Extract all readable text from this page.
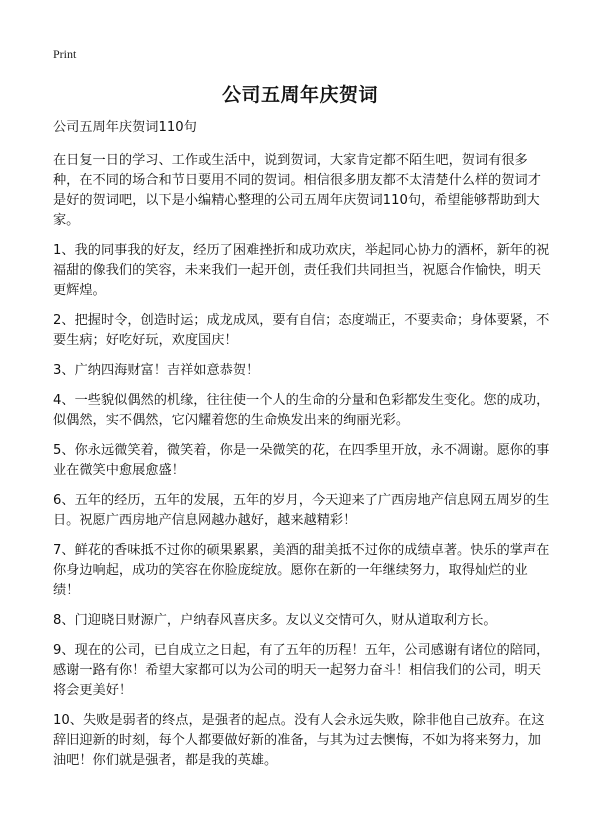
Print
公司五周年庆贺词

公司五周年庆贺词110句

在日复一日的学习、工作或生活中，说到贺词，大家肯定都不陌生吧，贺词有很多种，在不同的场合和节日要用不同的贺词。相信很多朋友都不太清楚什么样的贺词才是好的贺词吧，以下是小编精心整理的公司五周年庆贺词110句，希望能够帮助到大家。

1、我的同事我的好友，经历了困难挫折和成功欢庆，举起同心协力的酒杯，新年的祝福甜的像我们的笑容，未来我们一起开创，责任我们共同担当，祝愿合作愉快，明天更辉煌。

2、把握时令，创造时运；成龙成凤，要有自信；态度端正，不要卖命；身体要紧，不要生病；好吃好玩，欢度国庆！

3、广纳四海财富！吉祥如意恭贺！

4、一些貌似偶然的机缘，往往使一个人的生命的分量和色彩都发生变化。您的成功，似偶然，实不偶然，它闪耀着您的生命焕发出来的绚丽光彩。

5、你永远微笑着，微笑着，你是一朵微笑的花，在四季里开放，永不凋谢。愿你的事业在微笑中愈展愈盛！

6、五年的经历，五年的发展，五年的岁月，今天迎来了广西房地产信息网五周岁的生日。祝愿广西房地产信息网越办越好，越来越精彩！

7、鲜花的香味抵不过你的硕果累累，美酒的甜美抵不过你的成绩卓著。快乐的掌声在你身边响起，成功的笑容在你脸庞绽放。愿你在新的一年继续努力，取得灿烂的业绩！

8、门迎晓日财源广，户纳春风喜庆多。友以义交情可久，财从道取利方长。

9、现在的公司，已自成立之日起，有了五年的历程！五年，公司感谢有诸位的陪同，感谢一路有你！希望大家都可以为公司的明天一起努力奋斗！相信我们的公司，明天将会更美好！

10、失败是弱者的终点，是强者的起点。没有人会永远失败，除非他自己放弃。在这辞旧迎新的时刻，每个人都要做好新的准备，与其为过去懊悔，不如为将来努力，加油吧！你们就是强者，都是我的英雄。
